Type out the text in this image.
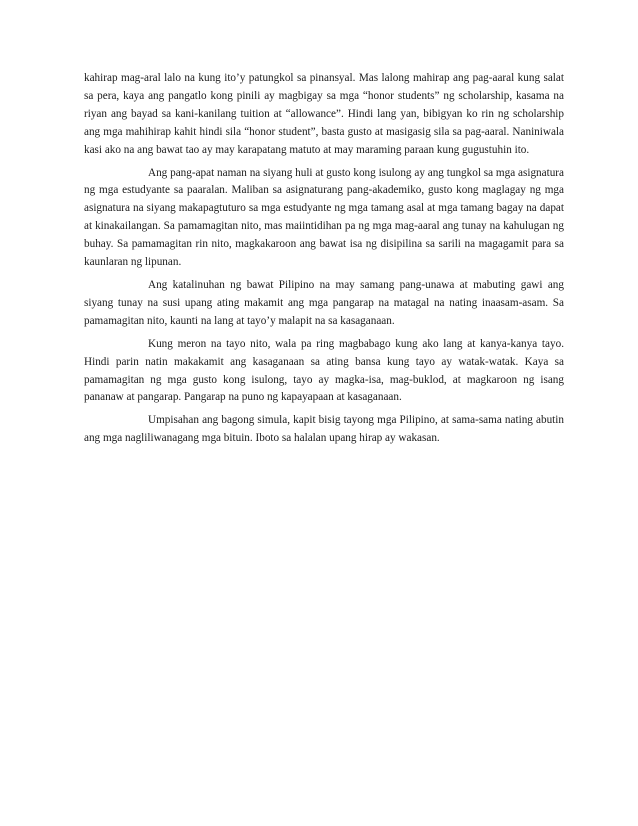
kahirap mag-aral lalo na kung ito’y patungkol sa pinansyal. Mas lalong mahirap ang pag-aaral kung salat sa pera, kaya ang pangatlo kong pinili ay magbigay sa mga “honor students” ng scholarship, kasama na riyan ang bayad sa kani-kanilang tuition at “allowance”. Hindi lang yan, bibigyan ko rin ng scholarship ang mga mahihirap kahit hindi sila “honor student”, basta gusto at masigasig sila sa pag-aaral. Naniniwala kasi ako na ang bawat tao ay may karapatang matuto at may maraming paraan kung gugustuhin ito.

Ang pang-apat naman na siyang huli at gusto kong isulong ay ang tungkol sa mga asignatura ng mga estudyante sa paaralan. Maliban sa asignaturang pang-akademiko, gusto kong maglagay ng mga asignatura na siyang makapagtuturo sa mga estudyante ng mga tamang asal at mga tamang bagay na dapat at kinakailangan. Sa pamamagitan nito, mas maiintidihan pa ng mga mag-aaral ang tunay na kahulugan ng buhay. Sa pamamagitan rin nito, magkakaroon ang bawat isa ng disipilina sa sarili na magagamit para sa kaunlaran ng lipunan.

Ang katalinuhan ng bawat Pilipino na may samang pang-unawa at mabuting gawi ang siyang tunay na susi upang ating makamit ang mga pangarap na matagal na nating inaasam-asam. Sa pamamagitan nito, kaunti na lang at tayo’y malapit na sa kasaganaan.

Kung meron na tayo nito, wala pa ring magbabago kung ako lang at kanya-kanya tayo. Hindi parin natin makakamit ang kasaganaan sa ating bansa kung tayo ay watak-watak. Kaya sa pamamagitan ng mga gusto kong isulong, tayo ay magka-isa, mag-buklod, at magkaroon ng isang pananaw at pangarap. Pangarap na puno ng kapayapaan at kasaganaan.

Umpisahan ang bagong simula, kapit bisig tayong mga Pilipino, at sama-sama nating abutin ang mga nagliliwanagang mga bituin. Iboto sa halalan upang hirap ay wakasan.
